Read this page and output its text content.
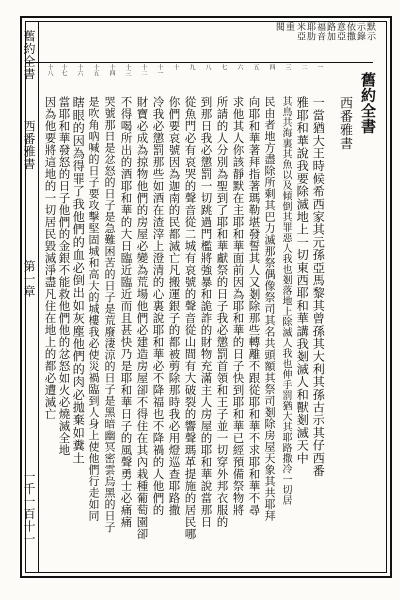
默示
示錄
依撒
意亞
路加
福音
耶肋
米亞
重
閱
舊約全書
西番雅書
一
二
三
四
五
六
七
八
九
十
十一
十二
十三
十四
十五
十六
十七
十八
一當猶大王時候希西家其元孫亞馬黎其曾孫其大利其孫古示其仔西番
雅耶和華說我要除滅地上一切東西耶和華講我剗滅人和獸剗滅天中
其鳥共海裏其魚以及傾倒其罪惡人我也剗落地上除滅人我也伸手罰猶大其耶路撒冷一切居
民由者地方盡除所剩其巴力滅那祭偶像祭司其名共頭額其祭司剗除房屋天象其共耶拜
向耶和華著拜指著瑪勒堪發誓其人又剗除那些轉離不跟從耶和華不求耶和華不尋
求他其人你該靜默在主耶和華面前因為耶和華的日子快到耶和華已經預備祭物將
所請的人分別為聖到了耶和華獻祭的日子我必懲罰首領和王子並一切穿外邦衣服的
到那日我必懲罰一切跳過門檻將強暴和詭詐的財物充滿主人房屋的耶和華說當那日
從魚門必有哀哭的聲音從二城有哀號的聲音從山間有大破裂的響聲瑪革提施的居民哪
你們要哀號因為迦南的民都滅亡凡搬運銀子的都被剪除那時我必用燈巡查耶路撒
冷我必懲罰那些如酒在渣滓上澄清的心裏說耶和華必不降福也不降禍的人他們的
財寶必成為掠物他們的房屋必變為荒場他們必建造房屋卻不得住在其內栽種葡萄園卻
不得喝所出的酒耶和華的大日臨近臨近而且甚快乃是耶和華日子的風聲勇士必痛痛
哭號那日是忿怒的日子是急難困苦的日子是荒廢淒涼的日子是黑暗幽冥密雲烏黑的日子
是吹角吶喊的日子要攻擊堅固城和高大的城樓我必使災禍臨到人身上使他們行走如同
瞎眼的因為得罪了我他們的血必倒出如灰塵他們的肉必拋棄如糞土
當耶和華發怒的日子他們的金銀不能救他們他的忿怒如火必燒滅全地
因為他要將這地的一切居民毀滅淨盡凡住在地上的都必遭滅亡
舊約全書
西番雅書
第一章
一千一百十一
